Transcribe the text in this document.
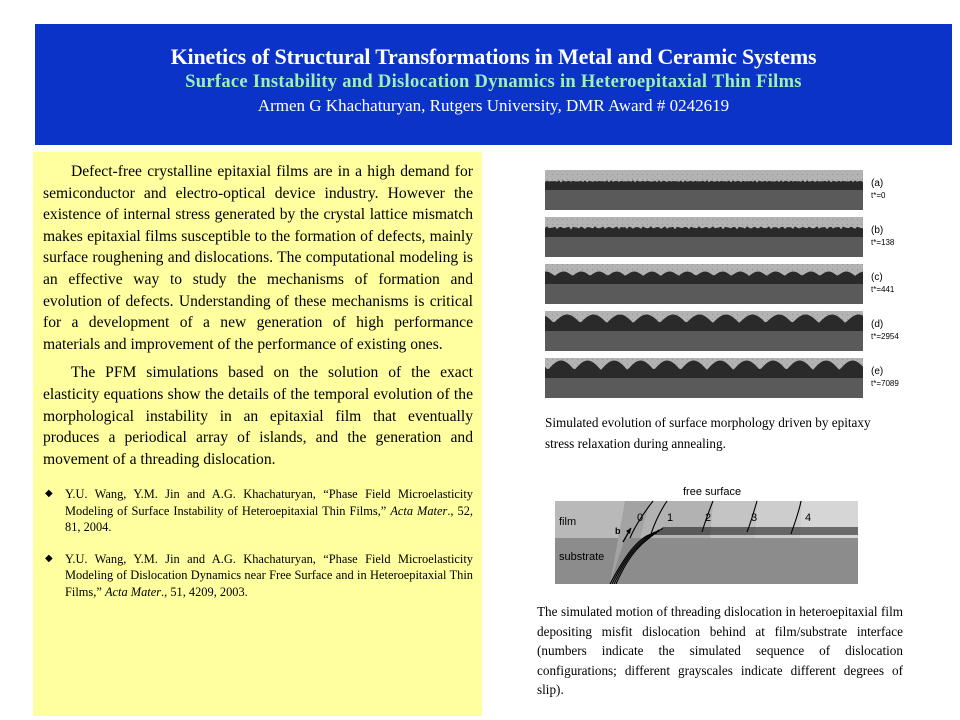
Kinetics of Structural Transformations in Metal and Ceramic Systems
Surface Instability and Dislocation Dynamics in Heteroepitaxial Thin Films
Armen G Khachaturyan, Rutgers University, DMR Award # 0242619

Defect-free crystalline epitaxial films are in a high demand for semiconductor and electro-optical device industry. However the existence of internal stress generated by the crystal lattice mismatch makes epitaxial films susceptible to the formation of defects, mainly surface roughening and dislocations. The computational modeling is an effective way to study the mechanisms of formation and evolution of defects. Understanding of these mechanisms is critical for a development of a new generation of high performance materials and improvement of the performance of existing ones.

The PFM simulations based on the solution of the exact elasticity equations show the details of the temporal evolution of the morphological instability in an epitaxial film that eventually produces a periodical array of islands, and the generation and movement of a threading dislocation.

◆ Y.U. Wang, Y.M. Jin and A.G. Khachaturyan, “Phase Field Microelasticity Modeling of Surface Instability of Heteroepitaxial Thin Films,” Acta Mater., 52, 81, 2004.
◆ Y.U. Wang, Y.M. Jin and A.G. Khachaturyan, “Phase Field Microelasticity Modeling of Dislocation Dynamics near Free Surface and in Heteroepitaxial Thin Films,” Acta Mater., 51, 4209, 2003.
(a)
t*=0
(b)
t*=138
(c)
t*=441
(d)
t*=2954
(e)
t*=7089
Simulated evolution of surface morphology driven by epitaxy stress relaxation during annealing.
b
free surface
film
substrate
0 1	2	3	4
The simulated motion of threading dislocation in heteroepitaxial film depositing misfit dislocation behind at film/substrate interface (numbers indicate the simulated sequence of dislocation configurations; different grayscales indicate different degrees of slip).
